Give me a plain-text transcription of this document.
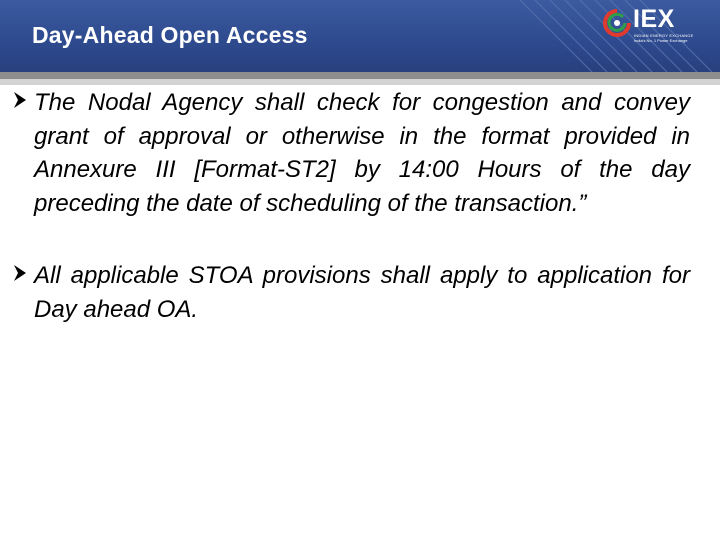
Day-Ahead Open Access
IEX
INDIAN ENERGY EXCHANGE
India's No. 1 Power Exchange
The Nodal Agency shall check for congestion and convey grant of approval or otherwise in the format provided in Annexure III [Format-ST2] by 14:00 Hours of the day preceding the date of scheduling of the transaction.”
All applicable STOA provisions shall apply to application for Day ahead OA.
